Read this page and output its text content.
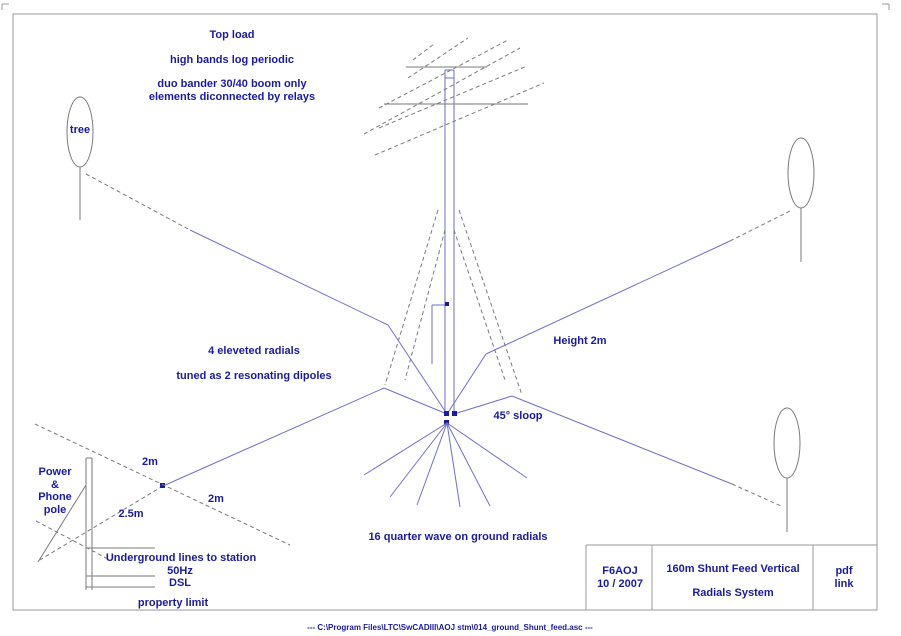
Top load
high bands log periodic
duo bander 30/40 boom only
elements diconnected by relays
tree
Height 2m
4 eleveted radials
tuned as 2 resonating dipoles
45° sloop
2m
2m
2.5m
Power
&
Phone
pole
Underground lines to station
50Hz
DSL
property limit
16 quarter wave on ground radials
F6AOJ
10 / 2007
160m Shunt Feed Vertical
Radials System
pdf
link
--- C:\Program Files\LTC\SwCADIII\AOJ stm\014_ground_Shunt_feed.asc ---
